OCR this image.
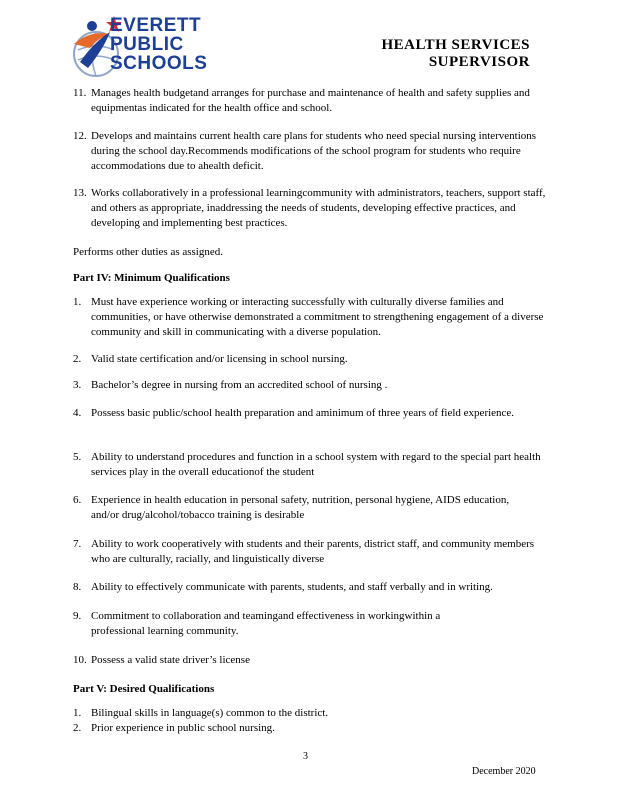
EVERETT
PUBLIC
SCHOOLS
HEALTH SERVICES
SUPERVISOR
11. Manages health budgetand arranges for purchase and maintenance of health and safety supplies and equipmentas indicated for the health office and school.
12. Develops and maintains current health care plans for students who need special nursing interventions during the school day.Recommends modifications of the school program for students who require accommodations due to ahealth deficit.
13. Works collaboratively in a professional learningcommunity with administrators, teachers, support staff, and others as appropriate, inaddressing the needs of students, developing effective practices, and developing and implementing best practices.
Performs other duties as assigned.
Part IV: Minimum Qualifications
1. Must have experience working or interacting successfully with culturally diverse families and communities, or have otherwise demonstrated a commitment to strengthening engagement of a diverse community and skill in communicating with a diverse population.
2. Valid state certification and/or licensing in school nursing.
3. Bachelor’s degree in nursing from an accredited school of nursing .
4. Possess basic public/school health preparation and aminimum of three years of field experience.
5. Ability to understand procedures and function in a school system with regard to the special part health services play in the overall educationof the student
6. Experience in health education in personal safety, nutrition, personal hygiene, AIDS education, and/or drug/alcohol/tobacco training is desirable
7. Ability to work cooperatively with students and their parents, district staff, and community members who are culturally, racially, and linguistically diverse
8. Ability to effectively communicate with parents, students, and staff verbally and in writing.
9. Commitment to collaboration and teamingand effectiveness in workingwithin a professional learning community.
10. Possess a valid state driver’s license
Part V: Desired Qualifications
1. Bilingual skills in language(s) common to the district.
2. Prior experience in public school nursing.
3
December 2020
